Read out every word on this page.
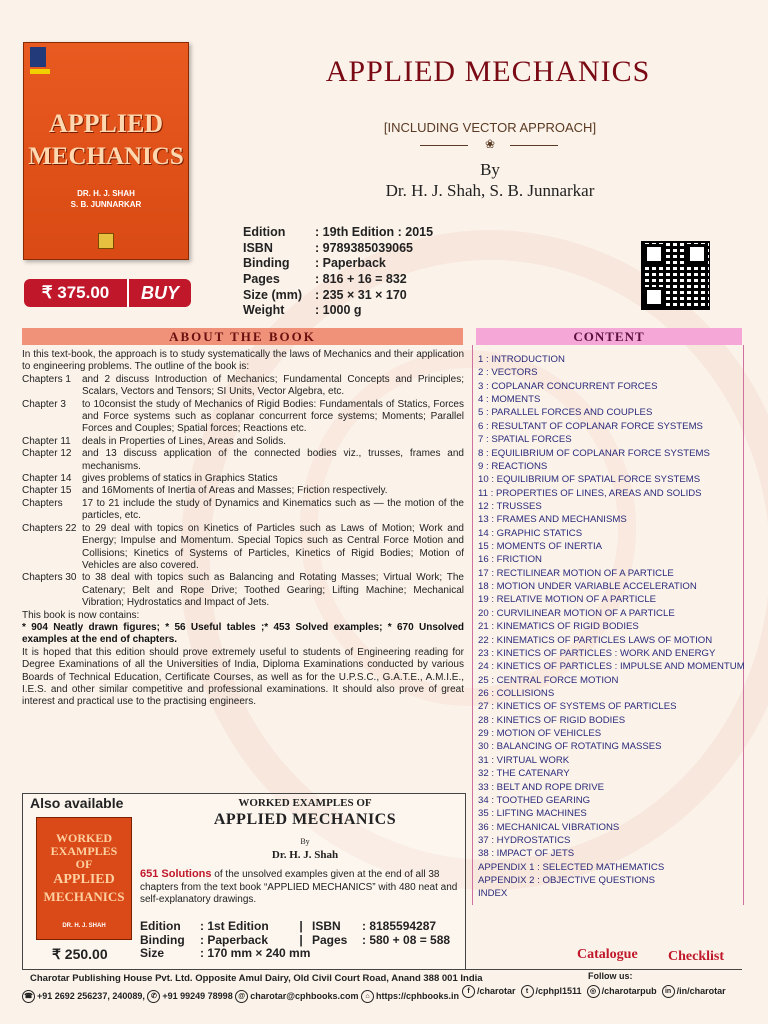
APPLIED
MECHANICS
DR. H. J. SHAH
S. B. JUNNARKAR
₹ 375.00	BUY
APPLIED MECHANICS
[INCLUDING VECTOR APPROACH]
❀
By
Dr. H. J. Shah, S. B. Junnarkar
Edition : 19th Edition : 2015
ISBN	: 9789385039065
Binding : Paperback
Pages	: 816 + 16 = 832
Size (mm) : 235 × 31 × 170
Weight : 1000 g
ABOUT THE BOOK	CONTENT

In this text-book, the approach is to study systematically the laws of Mechanics and their application to engineering problems. The outline of the book is:

Chapters 1	and 2 discuss Introduction of Mechanics; Fundamental Concepts and Principles; Scalars, Vectors and Tensors; SI Units, Vector Algebra, etc.
Chapter 3	to 10consist the study of Mechanics of Rigid Bodies: Fundamentals of Statics, Forces and Force systems such as coplanar concurrent force systems; Moments; Parallel Forces and Couples; Spatial forces; Reactions etc.
Chapter 11	deals in Properties of Lines, Areas and Solids.
Chapter 12	and 13 discuss application of the connected bodies viz., trusses, frames and mechanisms.
Chapter 14	gives problems of statics in Graphics Statics
Chapter 15	and 16Moments of Inertia of Areas and Masses; Friction respectively.
Chapters	17 to 21 include the study of Dynamics and Kinematics such as — the motion of the particles, etc.
Chapters 22 to 29 deal with topics on Kinetics of Particles such as Laws of Motion; Work and Energy; Impulse and Momentum. Special Topics such as Central Force Motion and Collisions; Kinetics of Systems of Particles, Kinetics of Rigid Bodies; Motion of Vehicles are also covered.
Chapters 30 to 38 deal with topics such as Balancing and Rotating Masses; Virtual Work; The Catenary; Belt and Rope Drive; Toothed Gearing; Lifting Machine; Mechanical Vibration; Hydrostatics and Impact of Jets.

This book is now contains:

* 904 Neatly drawn figures; * 56 Useful tables ;* 453 Solved examples; * 670 Unsolved examples at the end of chapters.

It is hoped that this edition should prove extremely useful to students of Engineering reading for Degree Examinations of all the Universities of India, Diploma Examinations conducted by various Boards of Technical Education, Certificate Courses, as well as for the U.P.S.C., G.A.T.E., A.M.I.E., I.E.S. and other similar competitive and professional examinations. It should also prove of great interest and practical use to the practising engineers.

1 : INTRODUCTION
2 : VECTORS
3 : COPLANAR CONCURRENT FORCES
4 : MOMENTS
5 : PARALLEL FORCES AND COUPLES
6 : RESULTANT OF COPLANAR FORCE SYSTEMS
7 : SPATIAL FORCES
8 : EQUILIBRIUM OF COPLANAR FORCE SYSTEMS
9 : REACTIONS
10 : EQUILIBRIUM OF SPATIAL FORCE SYSTEMS
11 : PROPERTIES OF LINES, AREAS AND SOLIDS
12 : TRUSSES
13 : FRAMES AND MECHANISMS
14 : GRAPHIC STATICS
15 : MOMENTS OF INERTIA
16 : FRICTION
17 : RECTILINEAR MOTION OF A PARTICLE
18 : MOTION UNDER VARIABLE ACCELERATION
19 : RELATIVE MOTION OF A PARTICLE
20 : CURVILINEAR MOTION OF A PARTICLE
21 : KINEMATICS OF RIGID BODIES
22 : KINEMATICS OF PARTICLES LAWS OF MOTION
23 : KINETICS OF PARTICLES : WORK AND ENERGY
24 : KINETICS OF PARTICLES : IMPULSE AND MOMENTUM
25 : CENTRAL FORCE MOTION
26 : COLLISIONS
27 : KINETICS OF SYSTEMS OF PARTICLES
28 : KINETICS OF RIGID BODIES
29 : MOTION OF VEHICLES
30 : BALANCING OF ROTATING MASSES
31 : VIRTUAL WORK
32 : THE CATENARY
33 : BELT AND ROPE DRIVE
34 : TOOTHED GEARING
35 : LIFTING MACHINES
36 : MECHANICAL VIBRATIONS
37 : HYDROSTATICS
38 : IMPACT OF JETS
APPENDIX 1 : SELECTED MATHEMATICS
APPENDIX 2 : OBJECTIVE QUESTIONS
INDEX
Also available
WORKED
EXAMPLES
OF
APPLIED
MECHANICS
DR. H. J. SHAH
₹ 250.00
WORKED EXAMPLES OF
APPLIED MECHANICS
By
Dr. H. J. Shah
651 Solutions of the unsolved examples given at the end of all 38 chapters from the text book “APPLIED MECHANICS” with 480 neat and self-explanatory drawings.
Edition : 1st Edition	| ISBN : 8185594287
Binding : Paperback	| Pages : 580 + 08 = 588
Size	: 170 mm × 240 mm	Catalogue Checklist
Charotar Publishing House Pvt. Ltd. Opposite Amul Dairy, Old Civil Court Road, Anand 388 001 India
☎ +91 2692 256237, 240089, ✆ +91 99249 78998 @ charotar@cphbooks.com ⌂ https://cphbooks.in
Follow us:
f /charotar t /cphpl1511 ◎ /charotarpub in /in/charotar
